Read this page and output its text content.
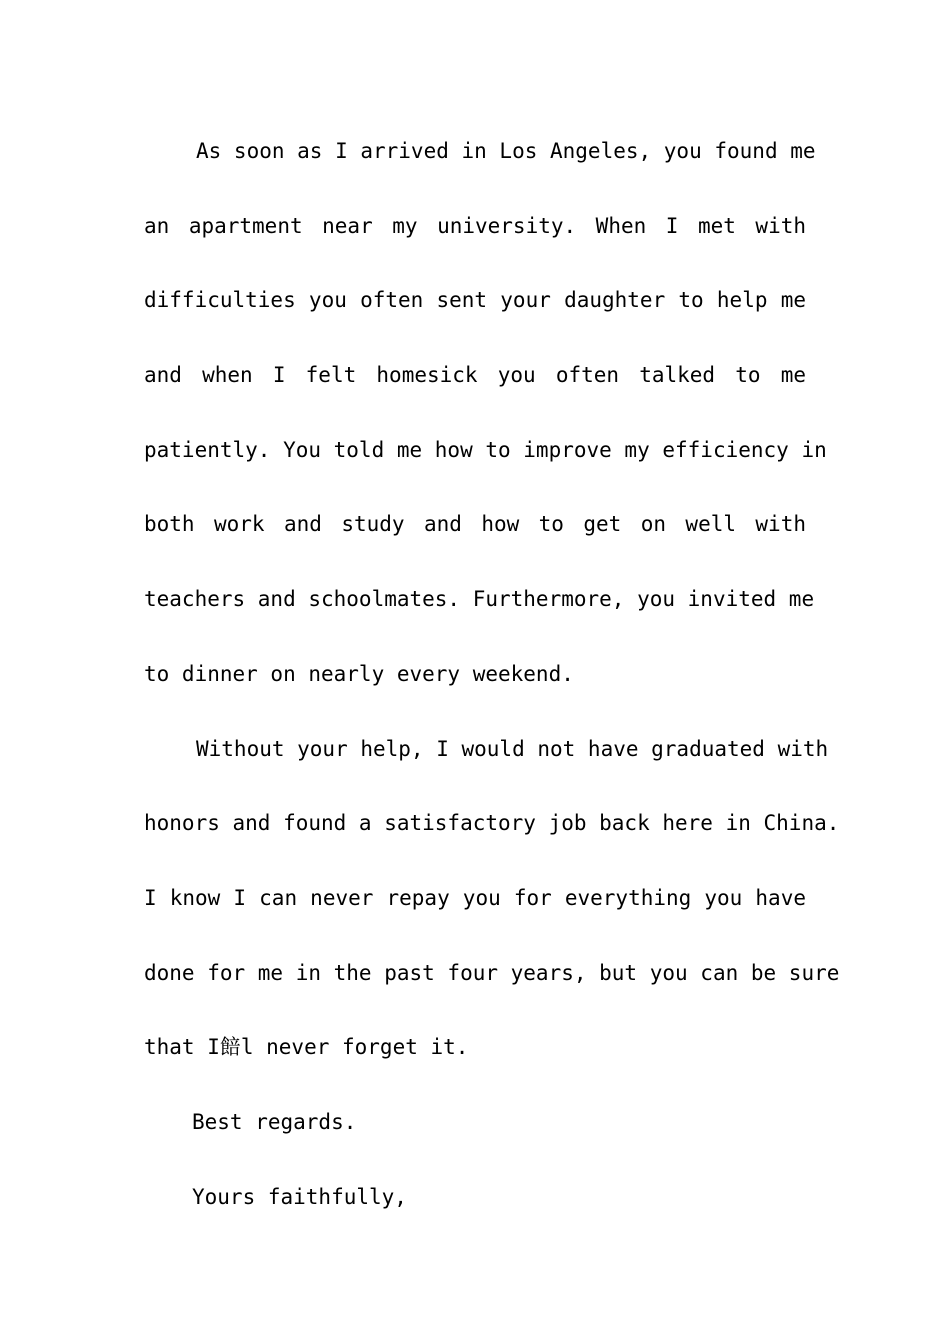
As soon as I arrived in Los Angeles, you found me
an apartment near my university. When I met with
difficulties you often sent your daughter to help me
and when I felt homesick you often talked to me
patiently. You told me how to improve my efficiency in
both work and study and how to get on well with
teachers and schoolmates. Furthermore, you invited me
to dinner on nearly every weekend.
Without your help, I would not have graduated with
honors and found a satisfactory job back here in China.
I know I can never repay you for everything you have
done for me in the past four years, but you can be sure
that I餢l never forget it.
Best regards.
Yours faithfully,
